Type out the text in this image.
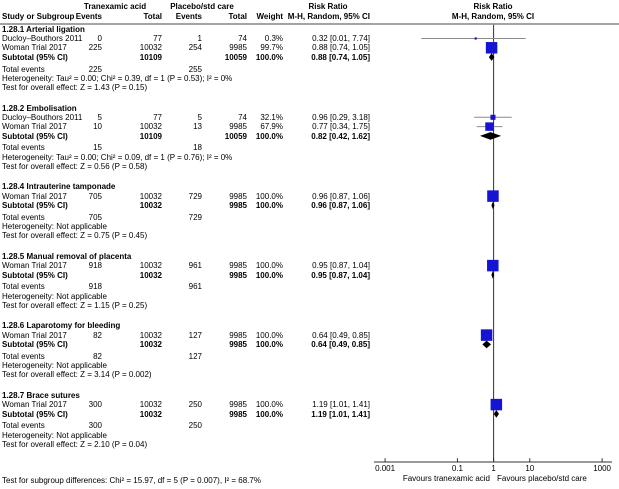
Tranexamic acid	Placebo/std care	Risk Ratio	Risk Ratio
Study or Subgroup Events	Total Events	Total Weight M-H, Random, 95% CI	M-H, Random, 95% CI
1.28.1 Arterial ligation
Ducloy–Bouthors 2011 0	77	1	74 0.3%	0.32 [0.01, 7.74]
Woman Trial 2017	225	10032	254	9985 99.7%	0.88 [0.74, 1.05]
Subtotal (95% CI)	10109	10059 100.0%	0.88 [0.74, 1.05]
Total events	225	255
Heterogeneity: Tau² = 0.00; Chi² = 0.39, df = 1 (P = 0.53); I² = 0%
Test for overall effect: Z = 1.43 (P = 0.15)
1.28.2 Embolisation
Ducloy–Bouthors 2011 5	77	5	74 32.1%	0.96 [0.29, 3.18]
Woman Trial 2017	10	10032	13	9985 67.9%	0.77 [0.34, 1.75]
Subtotal (95% CI)	10109	10059 100.0%	0.82 [0.42, 1.62]
Total events	15	18
Heterogeneity: Tau² = 0.00; Chi² = 0.09, df = 1 (P = 0.76); I² = 0%
Test for overall effect: Z = 0.56 (P = 0.58)
1.28.4 Intrauterine tamponade
Woman Trial 2017	705	10032	729	9985 100.0%	0.96 [0.87, 1.06]
Subtotal (95% CI)	10032	9985 100.0%	0.96 [0.87, 1.06]
Total events	705	729
Heterogeneity: Not applicable
Test for overall effect: Z = 0.75 (P = 0.45)
1.28.5 Manual removal of placenta
Woman Trial 2017	918	10032	961	9985 100.0%	0.95 [0.87, 1.04]
Subtotal (95% CI)	10032	9985 100.0%	0.95 [0.87, 1.04]
Total events	918	961
Heterogeneity: Not applicable
Test for overall effect: Z = 1.15 (P = 0.25)
1.28.6 Laparotomy for bleeding
Woman Trial 2017	82	10032	127	9985 100.0%	0.64 [0.49, 0.85]
Subtotal (95% CI)	10032	9985 100.0%	0.64 [0.49, 0.85]
Total events	82	127
Heterogeneity: Not applicable
Test for overall effect: Z = 3.14 (P = 0.002)
1.28.7 Brace sutures
Woman Trial 2017	300	10032	250	9985 100.0%	1.19 [1.01, 1.41]
Subtotal (95% CI)	10032	9985 100.0%	1.19 [1.01, 1.41]
Total events	300	250
Heterogeneity: Not applicable
Test for overall effect: Z = 2.10 (P = 0.04)
0.001	0.1	1	10	1000
Favours tranexamic acid Favours placebo/std care
Test for subgroup differences: Chi² = 15.97, df = 5 (P = 0.007), I² = 68.7%
